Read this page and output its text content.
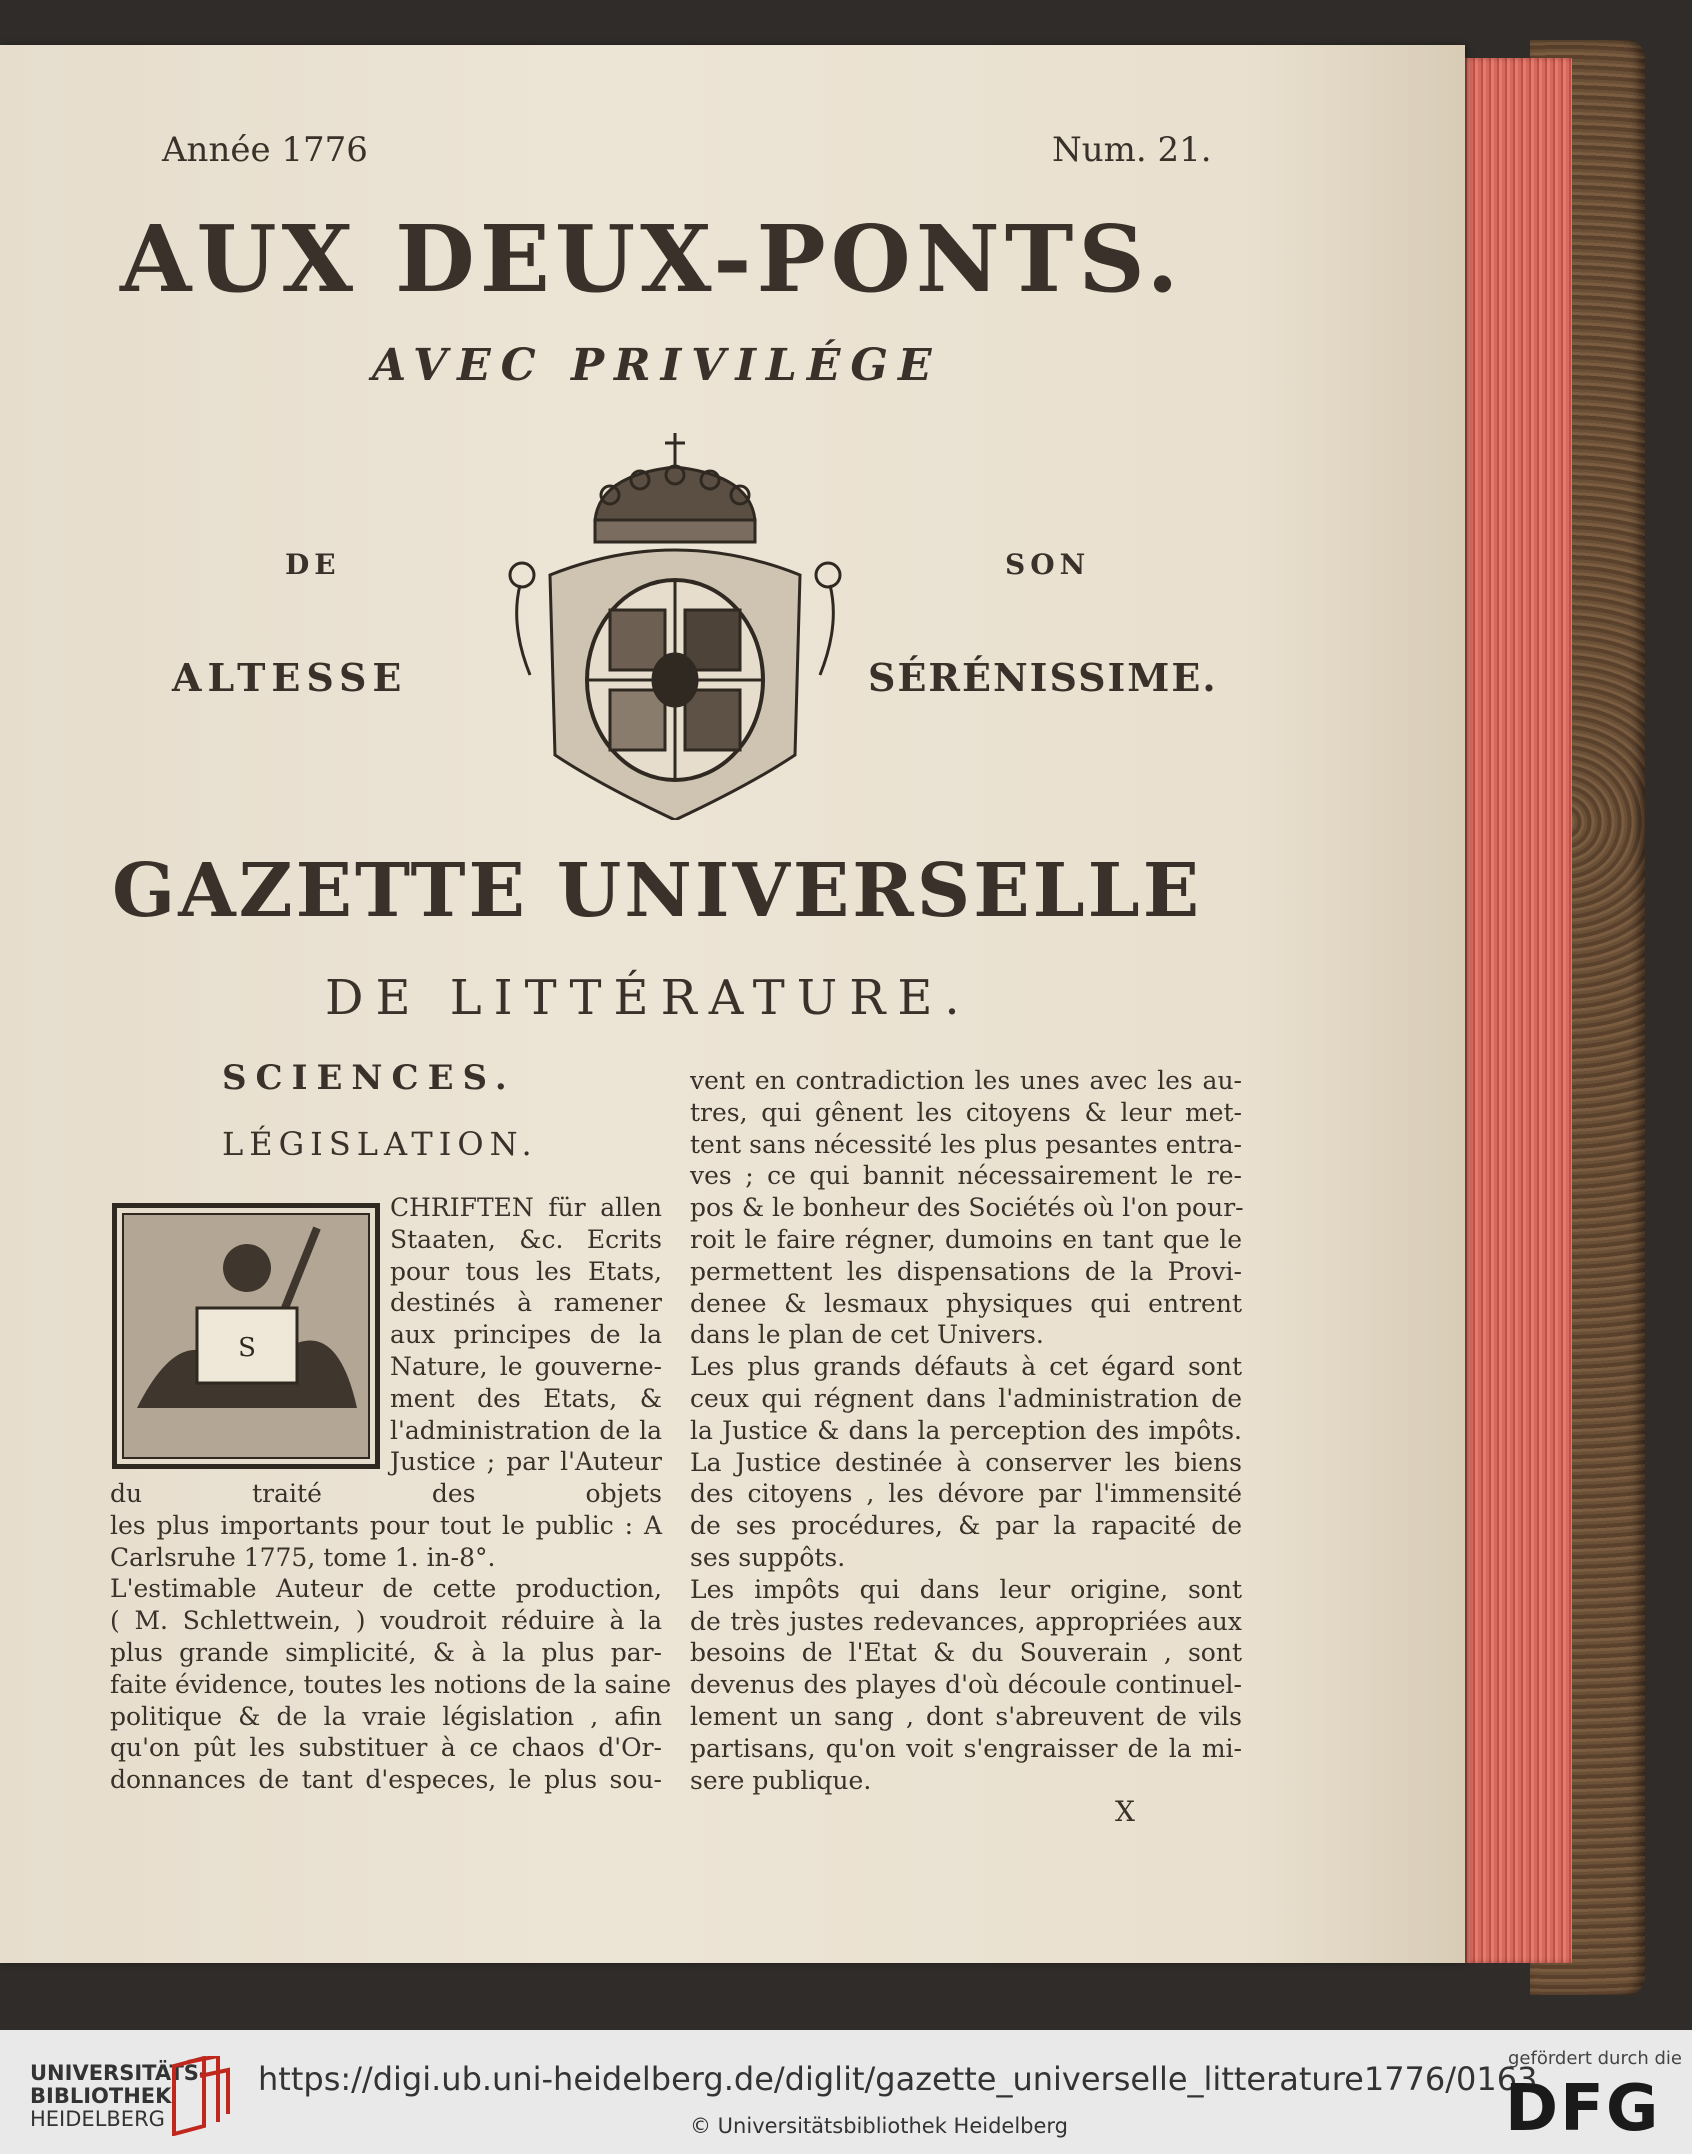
Année 1776	Num. 21.
AUX DEUX-PONTS.
AVEC PRIVILÉGE
DE	SON
ALTESSE	SÉRÉNISSIME.
GAZETTE UNIVERSELLE
DE LITTÉRATURE.
SCIENCES.
LÉGISLATION.
S
CHRIFTEN für allen
Staaten, &c. Ecrits
pour tous les Etats,
destinés à ramener
aux principes de la
Nature, le gouverne-
ment des Etats, &
l'administration de la
Justice ; par l'Auteur
du traité des objets
les plus importants pour tout le public : A
Carlsruhe 1775, tome 1. in-8°.
L'estimable Auteur de cette production,
( M. Schlettwein, ) voudroit réduire à la
plus grande simplicité, & à la plus par-
faite évidence, toutes les notions de la saine
politique & de la vraie législation , afin
qu'on pût les substituer à ce chaos d'Or-
donnances de tant d'especes, le plus sou-
vent en contradiction les unes avec les au-
tres, qui gênent les citoyens & leur met-
tent sans nécessité les plus pesantes entra-
ves ; ce qui bannit nécessairement le re-
pos & le bonheur des Sociétés où l'on pour-
roit le faire régner, dumoins en tant que le
permettent les dispensations de la Provi-
denee & lesmaux physiques qui entrent
dans le plan de cet Univers.
Les plus grands défauts à cet égard sont
ceux qui régnent dans l'administration de
la Justice & dans la perception des impôts.
La Justice destinée à conserver les biens
des citoyens , les dévore par l'immensité
de ses procédures, & par la rapacité de
ses suppôts.
Les impôts qui dans leur origine, sont
de très justes redevances, appropriées aux
besoins de l'Etat & du Souverain , sont
devenus des playes d'où découle continuel-
lement un sang , dont s'abreuvent de vils
partisans, qu'on voit s'engraisser de la mi-
sere publique.
X
UNIVERSITÄTS-
BIBLIOTHEK
HEIDELBERG
https://digi.ub.uni-heidelberg.de/diglit/gazette_universelle_litterature1776/0163
© Universitätsbibliothek Heidelberg
gefördert durch die
DFG
